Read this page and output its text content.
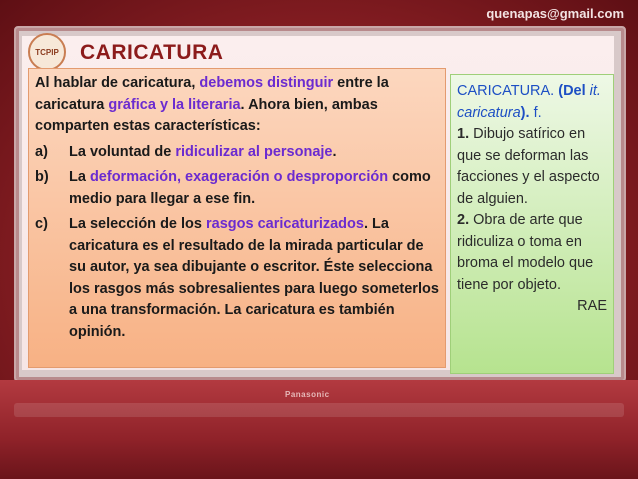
quenapas@gmail.com
TCPIP CARICATURA

Al hablar de caricatura, debemos distinguir entre la caricatura gráfica y la literaria. Ahora bien, ambas comparten estas características:

a)	La voluntad de ridiculizar al personaje.
b)	La deformación, exageración o desproporción como medio para llegar a ese fin.
c)	La selección de los rasgos caricaturizados. La caricatura es el resultado de la mirada particular de su autor, ya sea dibujante o escritor. Éste selecciona los rasgos más sobresalientes para luego someterlos a una transformación. La caricatura es también opinión.
CARICATURA. (Del it. caricatura). f.
1. Dibujo satírico en que se deforman las facciones y el aspecto de alguien.
2. Obra de arte que ridiculiza o toma en broma el modelo que tiene por objeto.
RAE
Panasonic
